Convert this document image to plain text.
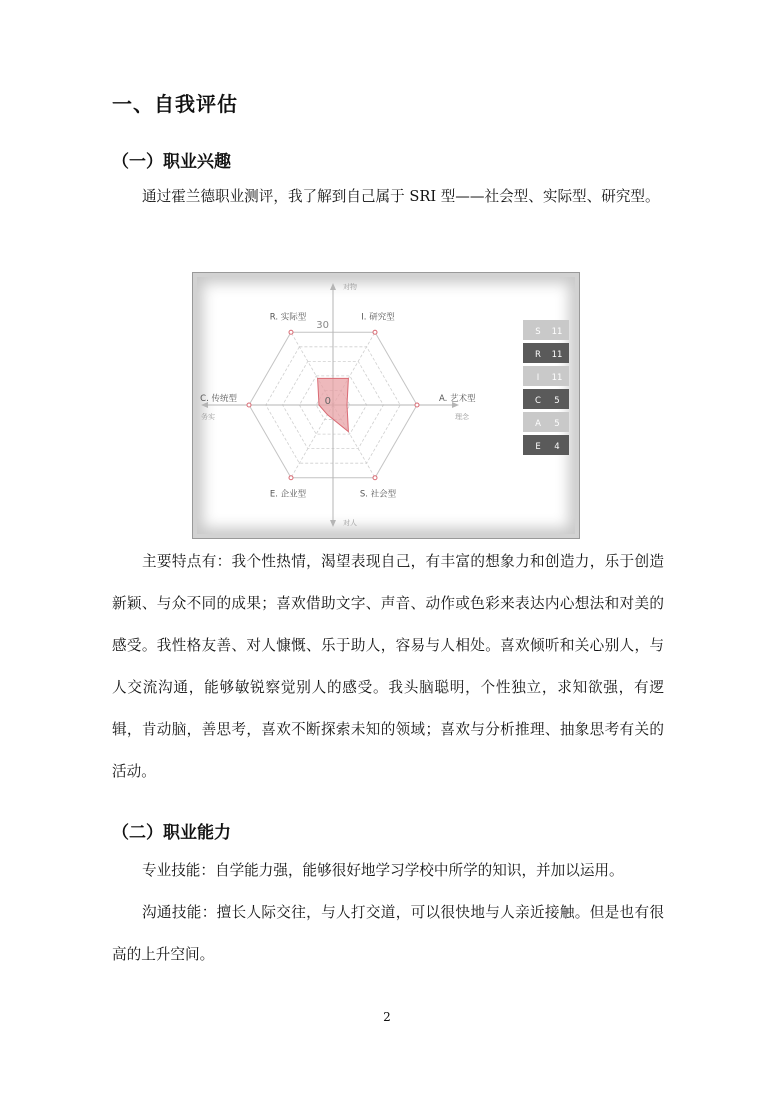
一、自我评估
（一）职业兴趣

通过霍兰德职业测评，我了解到自己属于 SRI 型——社会型、实际型、研究型。

R. 实际型	I. 研究型
A. 艺术型
S. 社会型
E. 企业型
C. 传统型
30
0
对物
对人
务实	理念
S 11
R 11
I 11
C 5
A 5
E 4

主要特点有：我个性热情，渴望表现自己，有丰富的想象力和创造力，乐于创造新颖、与众不同的成果；喜欢借助文字、声音、动作或色彩来表达内心想法和对美的感受。我性格友善、对人慷慨、乐于助人，容易与人相处。喜欢倾听和关心别人，与人交流沟通，能够敏锐察觉别人的感受。我头脑聪明，个性独立，求知欲强，有逻辑，肯动脑，善思考，喜欢不断探索未知的领域；喜欢与分析推理、抽象思考有关的活动。

（二）职业能力

专业技能：自学能力强，能够很好地学习学校中所学的知识，并加以运用。

沟通技能：擅长人际交往，与人打交道，可以很快地与人亲近接触。但是也有很高的上升空间。

2
